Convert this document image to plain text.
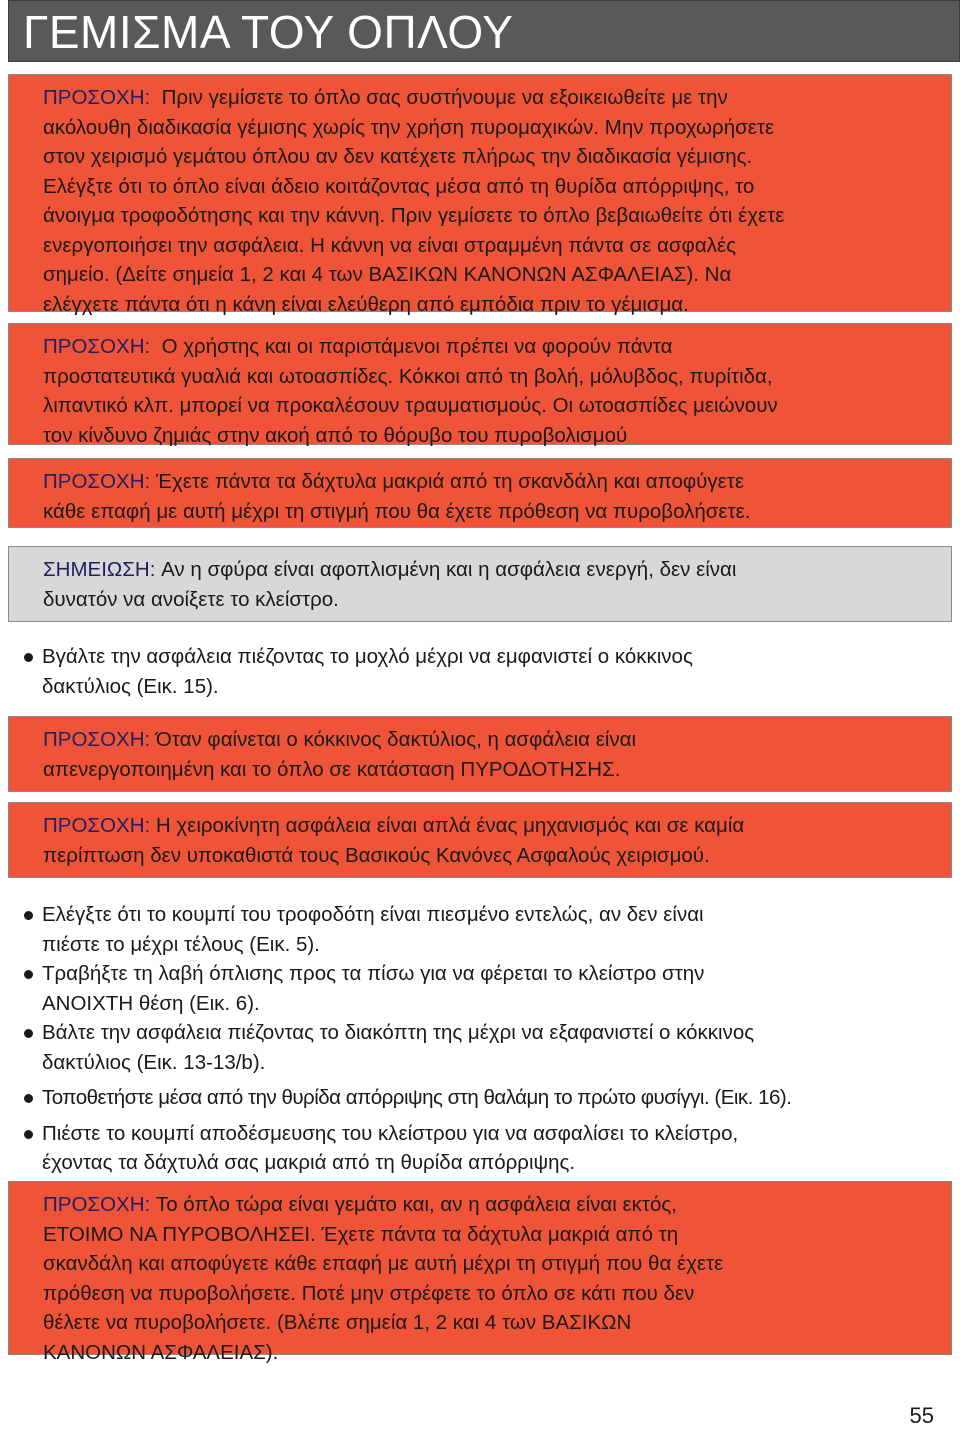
ΓΕΜΙΣΜΑ ΤΟΥ ΟΠΛΟΥ
ΠΡΟΣΟΧΗ: Πριν γεμίσετε το όπλο σας συστήνουμε να εξοικειωθείτε με την
ακόλουθη διαδικασία γέμισης χωρίς την χρήση πυρομαχικών. Μην προχωρήσετε
στον χειρισμό γεμάτου όπλου αν δεν κατέχετε πλήρως την διαδικασία γέμισης.
Ελέγξτε ότι το όπλο είναι άδειο κοιτάζοντας μέσα από τη θυρίδα απόρριψης, το
άνοιγμα τροφοδότησης και την κάννη. Πριν γεμίσετε το όπλο βεβαιωθείτε ότι έχετε
ενεργοποιήσει την ασφάλεια. Η κάννη να είναι στραμμένη πάντα σε ασφαλές
σημείο. (Δείτε σημεία 1, 2 και 4 των ΒΑΣΙΚΩΝ ΚΑΝΟΝΩΝ ΑΣΦΑΛΕΙΑΣ). Να
ελέγχετε πάντα ότι η κάνη είναι ελεύθερη από εμπόδια πριν το γέμισμα.
ΠΡΟΣΟΧΗ: Ο χρήστης και οι παριστάμενοι πρέπει να φορούν πάντα
προστατευτικά γυαλιά και ωτοασπίδες. Κόκκοι από τη βολή, μόλυβδος, πυρίτιδα,
λιπαντικό κλπ. μπορεί να προκαλέσουν τραυματισμούς. Οι ωτοασπίδες μειώνουν
τον κίνδυνο ζημιάς στην ακοή από το θόρυβο του πυροβολισμού
ΠΡΟΣΟΧΗ: Έχετε πάντα τα δάχτυλα μακριά από τη σκανδάλη και αποφύγετε
κάθε επαφή με αυτή μέχρι τη στιγμή που θα έχετε πρόθεση να πυροβολήσετε.
ΣΗΜΕΙΩΣΗ: Αν η σφύρα είναι αφοπλισμένη και η ασφάλεια ενεργή, δεν είναι
δυνατόν να ανοίξετε το κλείστρο.
Βγάλτε την ασφάλεια πιέζοντας το μοχλό μέχρι να εμφανιστεί ο κόκκινος
δακτύλιος (Εικ. 15).
ΠΡΟΣΟΧΗ: Όταν φαίνεται ο κόκκινος δακτύλιος, η ασφάλεια είναι
απενεργοποιημένη και το όπλο σε κατάσταση ΠΥΡΟΔΟΤΗΣΗΣ.
ΠΡΟΣΟΧΗ: Η χειροκίνητη ασφάλεια είναι απλά ένας μηχανισμός και σε καμία
περίπτωση δεν υποκαθιστά τους Βασικούς Κανόνες Ασφαλούς χειρισμού.
Ελέγξτε ότι το κουμπί του τροφοδότη είναι πιεσμένο εντελώς, αν δεν είναι
πιέστε το μέχρι τέλους (Εικ. 5).
Τραβήξτε τη λαβή όπλισης προς τα πίσω για να φέρεται το κλείστρο στην
ΑΝΟΙΧΤΗ θέση (Εικ. 6).
Βάλτε την ασφάλεια πιέζοντας το διακόπτη της μέχρι να εξαφανιστεί ο κόκκινος
δακτύλιος (Εικ. 13-13/b).
Τοποθετήστε μέσα από την θυρίδα απόρριψης στη θαλάμη το πρώτο φυσίγγι. (Εικ. 16).
Πιέστε το κουμπί αποδέσμευσης του κλείστρου για να ασφαλίσει το κλείστρο,
έχοντας τα δάχτυλά σας μακριά από τη θυρίδα απόρριψης.
ΠΡΟΣΟΧΗ: Το όπλο τώρα είναι γεμάτο και, αν η ασφάλεια είναι εκτός,
ΕΤΟΙΜΟ ΝΑ ΠΥΡΟΒΟΛΗΣΕΙ. Έχετε πάντα τα δάχτυλα μακριά από τη
σκανδάλη και αποφύγετε κάθε επαφή με αυτή μέχρι τη στιγμή που θα έχετε
πρόθεση να πυροβολήσετε. Ποτέ μην στρέφετε το όπλο σε κάτι που δεν
θέλετε να πυροβολήσετε. (Βλέπε σημεία 1, 2 και 4 των ΒΑΣΙΚΩΝ
ΚΑΝΟΝΩΝ ΑΣΦΑΛΕΙΑΣ).
55
